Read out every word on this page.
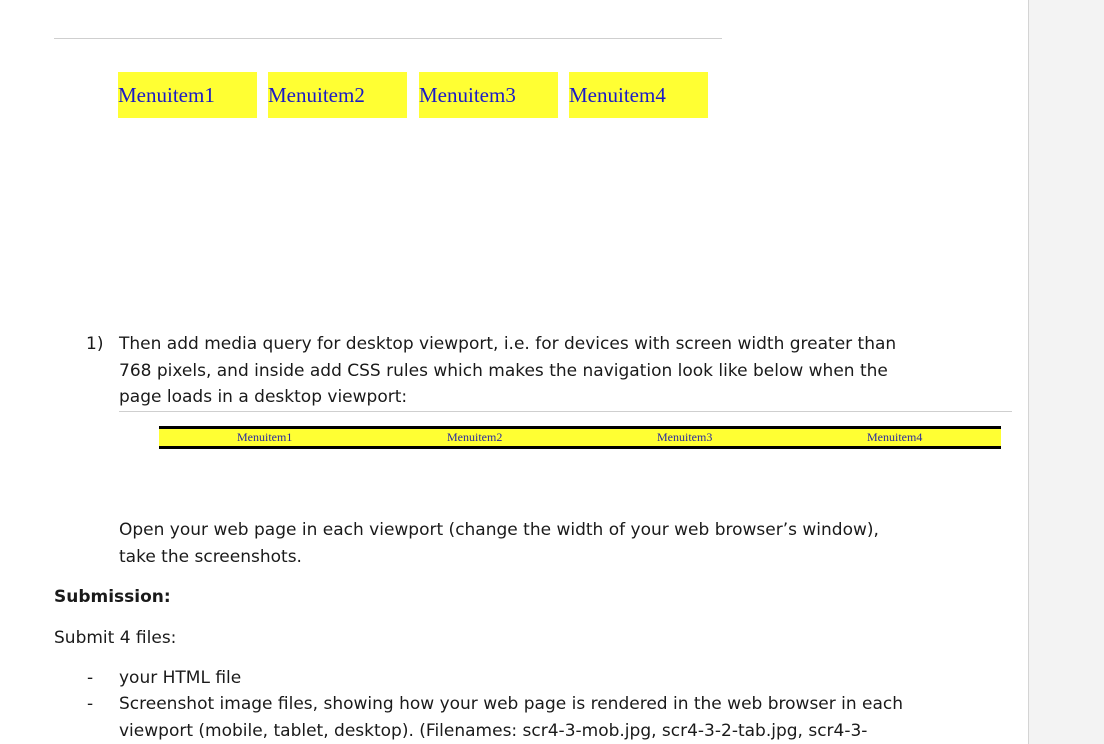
Menuitem1	Menuitem2	Menuitem3	Menuitem4
1) Then add media query for desktop viewport, i.e. for devices with screen width greater than 768 pixels, and inside add CSS rules which makes the navigation look like below when the page loads in a desktop viewport:
Menuitem1	Menuitem2	Menuitem3	Menuitem4
Open your web page in each viewport (change the width of your web browser’s window), take the screenshots.
Submission:
Submit 4 files:
- your HTML file
- Screenshot image files, showing how your web page is rendered in the web browser in each viewport (mobile, tablet, desktop). (Filenames: scr4-3-mob.jpg, scr4-3-2-tab.jpg, scr4-3-
